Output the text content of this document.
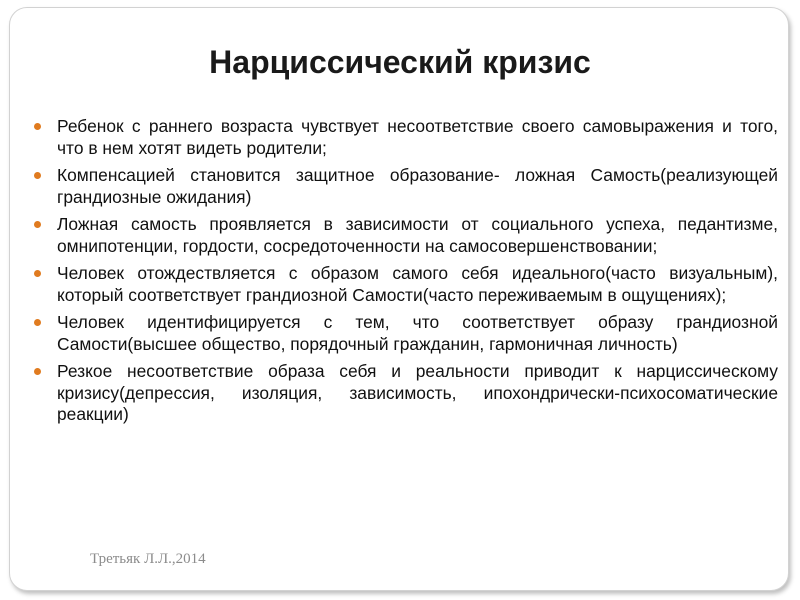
Нарциссический кризис
Ребенок с раннего возраста чувствует несоответствие своего самовыражения и того, что в нем хотят видеть родители;
Компенсацией становится защитное образование- ложная Самость(реализующей грандиозные ожидания)
Ложная самость проявляется в зависимости от социального успеха, педантизме, омнипотенции, гордости, сосредоточенности на самосовершенствовании;
Человек отождествляется с образом самого себя идеального(часто визуальным), который соответствует грандиозной Самости(часто переживаемым в ощущениях);
Человек идентифицируется с тем, что соответствует образу грандиозной Самости(высшее общество, порядочный гражданин, гармоничная личность)
Резкое несоответствие образа себя и реальности приводит к нарциссическому кризису(депрессия, изоляция, зависимость, ипохондрически-психосоматические реакции)
Третьяк Л.Л.,2014
